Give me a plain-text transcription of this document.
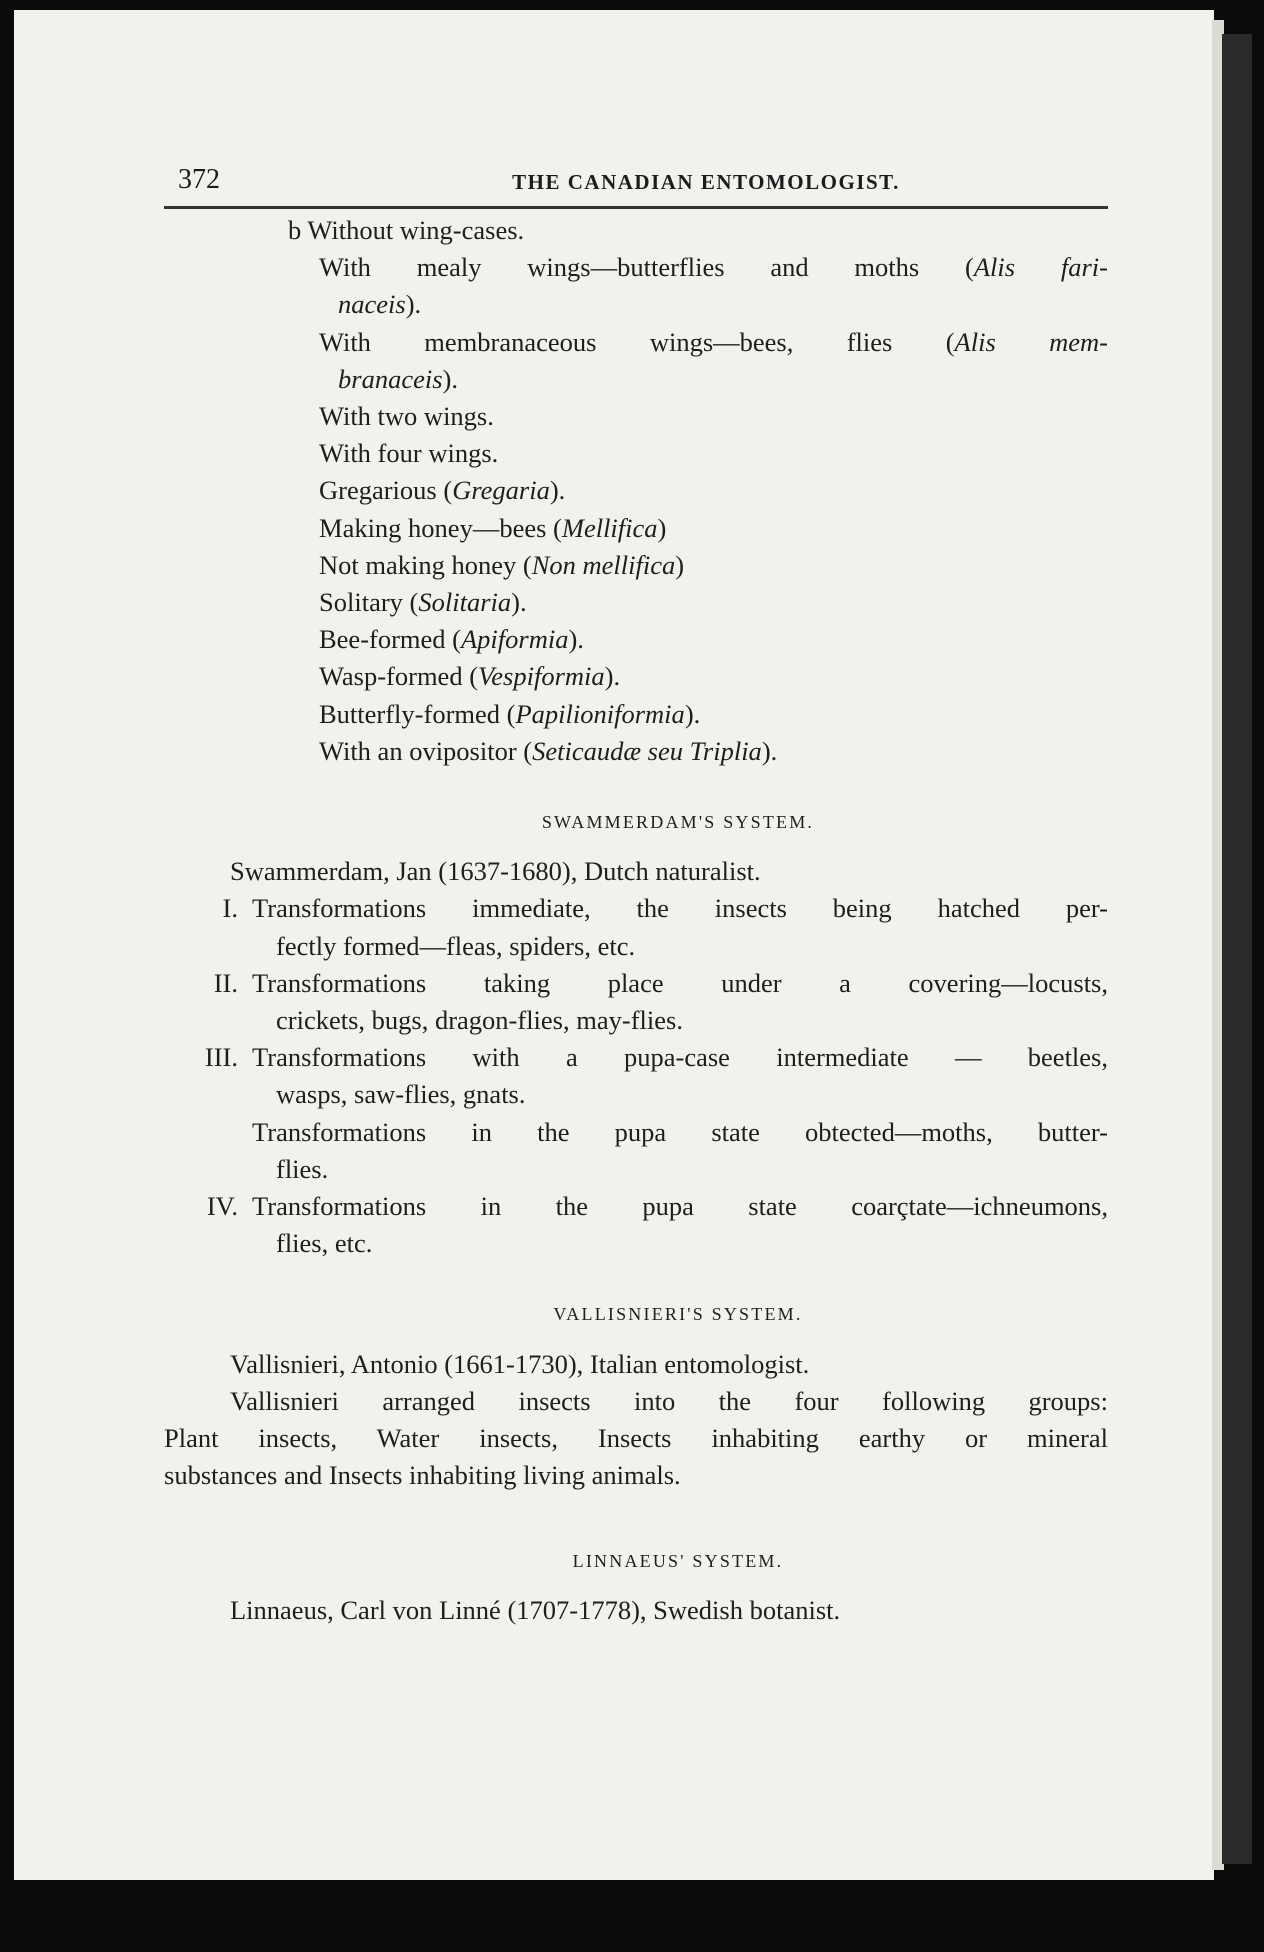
372	THE CANADIAN ENTOMOLOGIST.
b Without wing-cases.
With mealy wings—butterflies and moths (Alis fari-
naceis).
With membranaceous wings—bees, flies (Alis mem-
branaceis).
With two wings.
With four wings.
Gregarious (Gregaria).
Making honey—bees (Mellifica)
Not making honey (Non mellifica)
Solitary (Solitaria).
Bee-formed (Apiformia).
Wasp-formed (Vespiformia).
Butterfly-formed (Papilioniformia).
With an ovipositor (Seticaudæ seu Triplia).
SWAMMERDAM'S SYSTEM.
Swammerdam, Jan (1637-1680), Dutch naturalist.
I. Transformations immediate, the insects being hatched per-
fectly formed—fleas, spiders, etc.
II. Transformations taking place under a covering—locusts,
crickets, bugs, dragon-flies, may-flies.
III. Transformations with a pupa-case intermediate — beetles,
wasps, saw-flies, gnats.
Transformations in the pupa state obtected—moths, butter-
flies.
IV. Transformations in the pupa state coarçtate—ichneumons,
flies, etc.
VALLISNIERI'S SYSTEM.
Vallisnieri, Antonio (1661-1730), Italian entomologist.
Vallisnieri arranged insects into the four following groups:
Plant insects, Water insects, Insects inhabiting earthy or mineral
substances and Insects inhabiting living animals.
LINNAEUS' SYSTEM.
Linnaeus, Carl von Linné (1707-1778), Swedish botanist.
